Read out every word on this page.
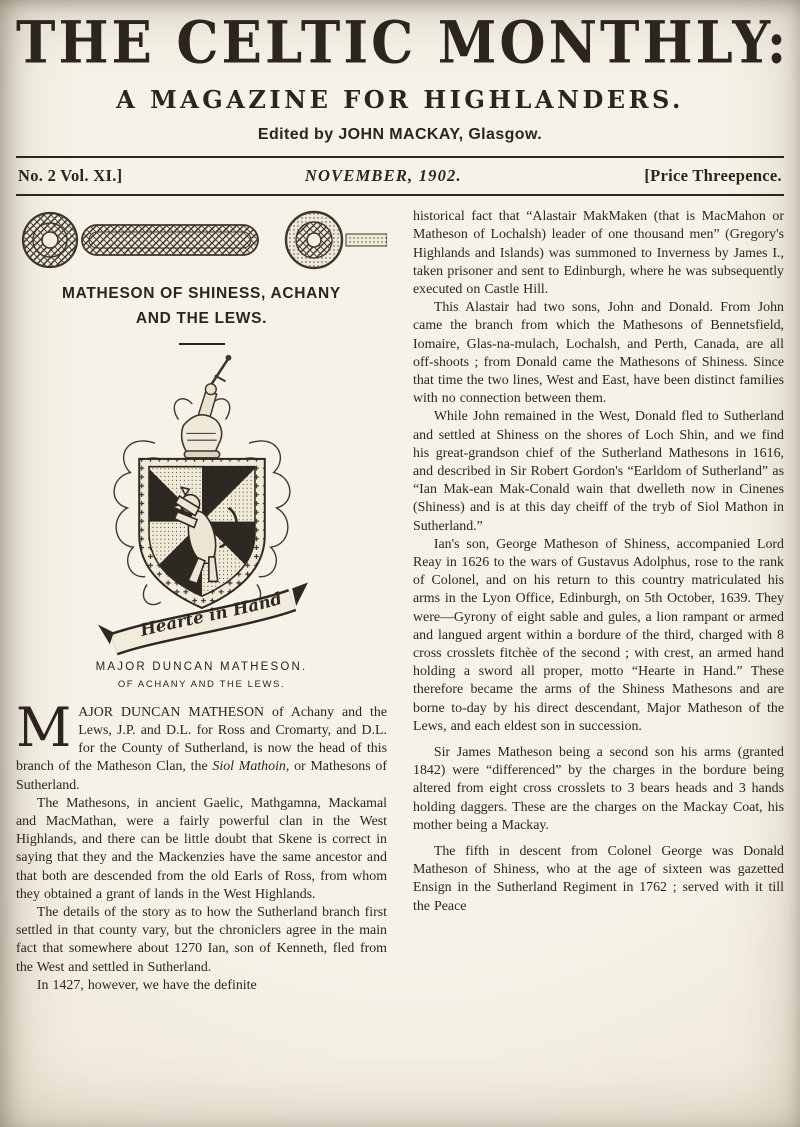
THE CELTIC MONTHLY:
A MAGAZINE FOR HIGHLANDERS.
Edited by JOHN MACKAY, Glasgow.
No. 2 Vol. XI.]	NOVEMBER, 1902.	[Price Threepence.
MATHESON OF SHINESS, ACHANY
AND THE LEWS.
Hearte in Hand
MAJOR DUNCAN MATHESON.
OF ACHANY AND THE LEWS.

MAJOR DUNCAN MATHESON of Achany and the Lews, J.P. and D.L. for Ross and Cromarty, and D.L. for the County of Sutherland, is now the head of this branch of the Matheson Clan, the Siol Mathoin, or Mathesons of Sutherland.

The Mathesons, in ancient Gaelic, Mathgamna, Mackamal and MacMathan, were a fairly powerful clan in the West Highlands, and there can be little doubt that Skene is correct in saying that they and the Mackenzies have the same ancestor and that both are descended from the old Earls of Ross, from whom they obtained a grant of lands in the West Highlands.

The details of the story as to how the Sutherland branch first settled in that county vary, but the chroniclers agree in the main fact that somewhere about 1270 Ian, son of Kenneth, fled from the West and settled in Sutherland.

In 1427, however, we have the definite

historical fact that “Alastair MakMaken (that is MacMahon or Matheson of Lochalsh) leader of one thousand men” (Gregory's Highlands and Islands) was summoned to Inverness by James I., taken prisoner and sent to Edinburgh, where he was subsequently executed on Castle Hill.

This Alastair had two sons, John and Donald. From John came the branch from which the Mathesons of Bennetsfield, Iomaire, Glas-na-mulach, Lochalsh, and Perth, Canada, are all off-shoots ; from Donald came the Mathesons of Shiness. Since that time the two lines, West and East, have been distinct families with no connection between them.

While John remained in the West, Donald fled to Sutherland and settled at Shiness on the shores of Loch Shin, and we find his great-grandson chief of the Sutherland Mathesons in 1616, and described in Sir Robert Gordon's “Earldom of Sutherland” as “Ian Mak-ean Mak-Conald wain that dwelleth now in Cinenes (Shiness) and is at this day cheiff of the tryb of Siol Mathon in Sutherland.”

Ian's son, George Matheson of Shiness, accompanied Lord Reay in 1626 to the wars of Gustavus Adolphus, rose to the rank of Colonel, and on his return to this country matriculated his arms in the Lyon Office, Edinburgh, on 5th October, 1639. They were—Gyrony of eight sable and gules, a lion rampant or armed and langued argent within a bordure of the third, charged with 8 cross crosslets fitchèe of the second ; with crest, an armed hand holding a sword all proper, motto “Hearte in Hand.” These therefore became the arms of the Shiness Mathesons and are borne to-day by his direct descendant, Major Matheson of the Lews, and each eldest son in succession.

Sir James Matheson being a second son his arms (granted 1842) were “differenced” by the charges in the bordure being altered from eight cross crosslets to 3 bears heads and 3 hands holding daggers. These are the charges on the Mackay Coat, his mother being a Mackay.

The fifth in descent from Colonel George was Donald Matheson of Shiness, who at the age of sixteen was gazetted Ensign in the Sutherland Regiment in 1762 ; served with it till the Peace
